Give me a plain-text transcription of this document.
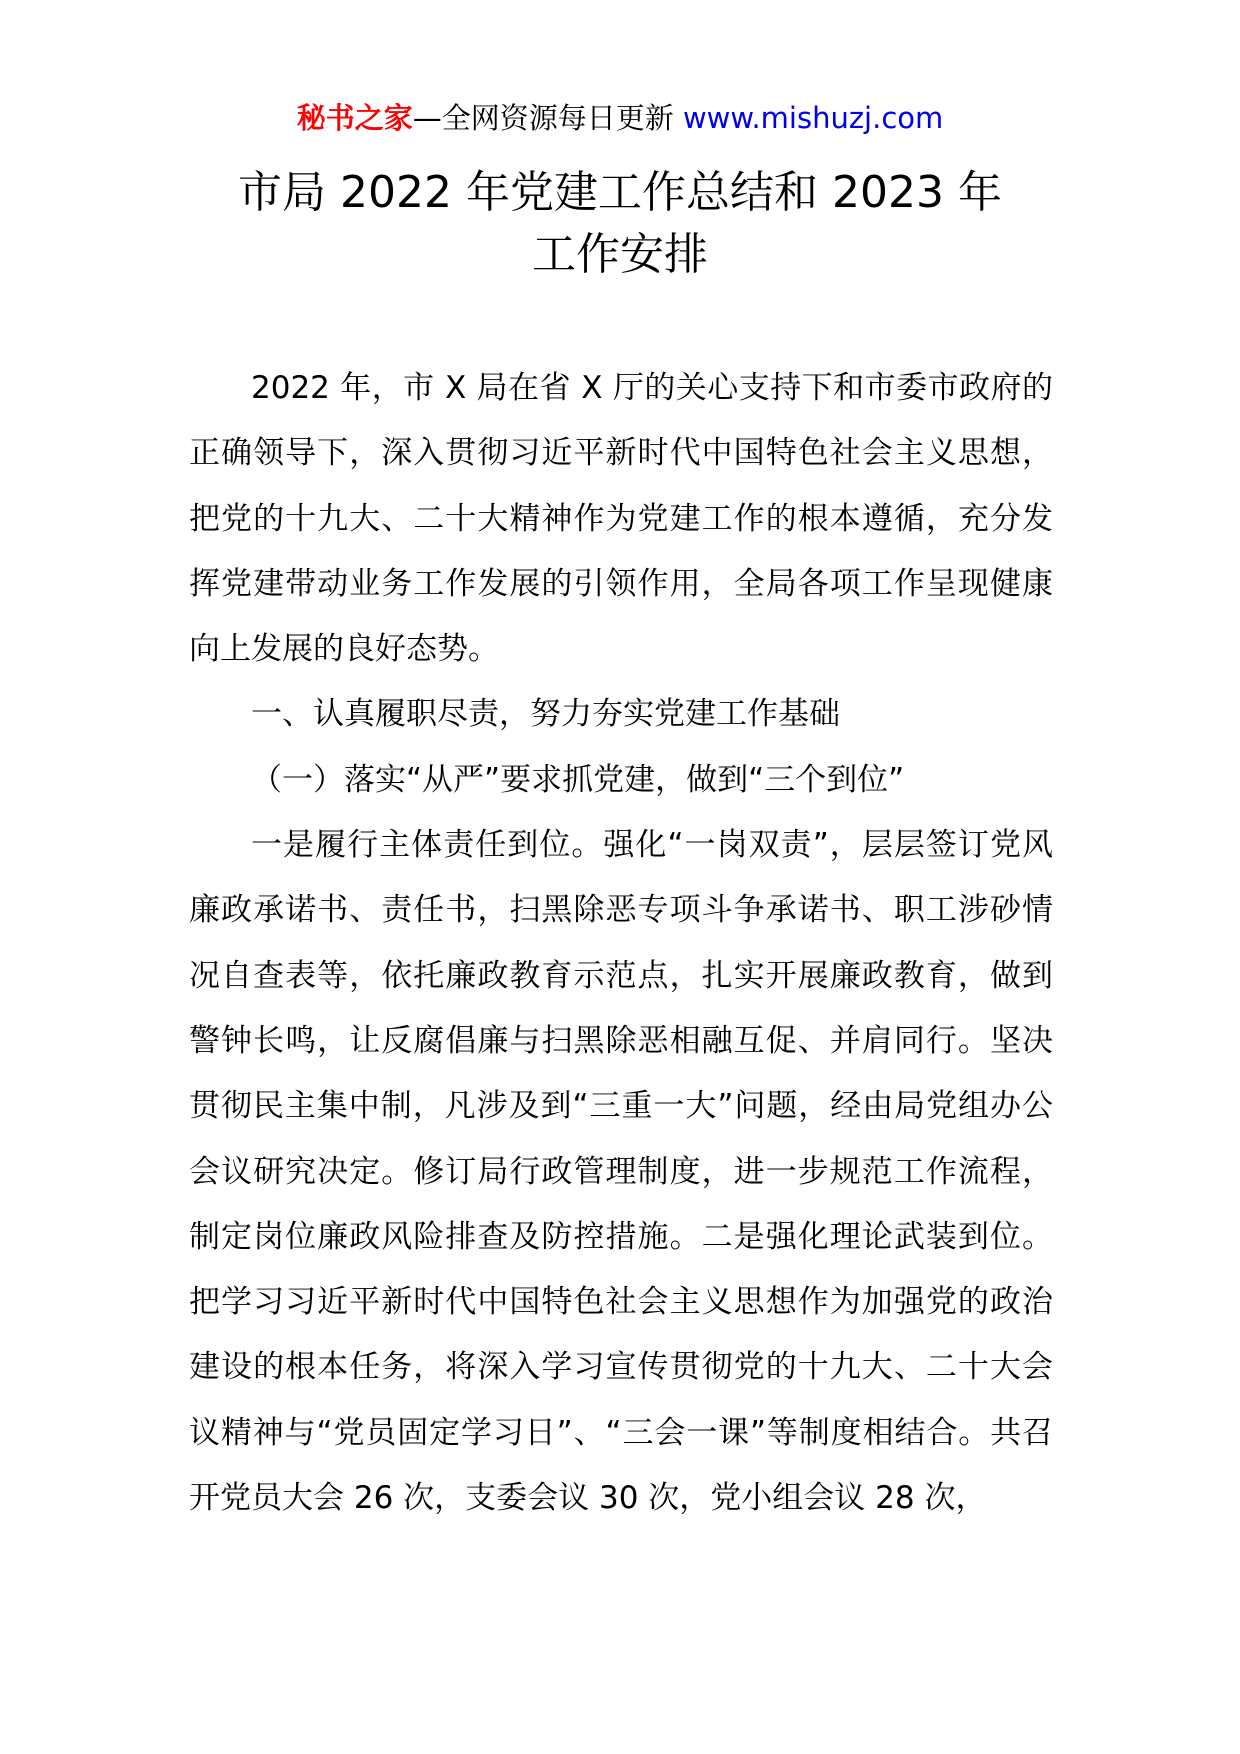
秘书之家—全网资源每日更新 www.mishuzj.com
市局 2022 年党建工作总结和 2023 年
工作安排

2022 年，市 X 局在省 X 厅的关心支持下和市委市政府的正确领导下，深入贯彻习近平新时代中国特色社会主义思想，把党的十九大、二十大精神作为党建工作的根本遵循，充分发挥党建带动业务工作发展的引领作用，全局各项工作呈现健康向上发展的良好态势。

一、认真履职尽责，努力夯实党建工作基础

（一）落实“从严”要求抓党建，做到“三个到位”

一是履行主体责任到位。强化“一岗双责”，层层签订党风廉政承诺书、责任书，扫黑除恶专项斗争承诺书、职工涉砂情况自查表等，依托廉政教育示范点，扎实开展廉政教育，做到警钟长鸣，让反腐倡廉与扫黑除恶相融互促、并肩同行。坚决贯彻民主集中制，凡涉及到“三重一大”问题，经由局党组办公会议研究决定。修订局行政管理制度，进一步规范工作流程，制定岗位廉政风险排查及防控措施。二是强化理论武装到位。把学习习近平新时代中国特色社会主义思想作为加强党的政治建设的根本任务，将深入学习宣传贯彻党的十九大、二十大会议精神与“党员固定学习日”、“三会一课”等制度相结合。共召开党员大会 26 次，支委会议 30 次，党小组会议 28 次，
